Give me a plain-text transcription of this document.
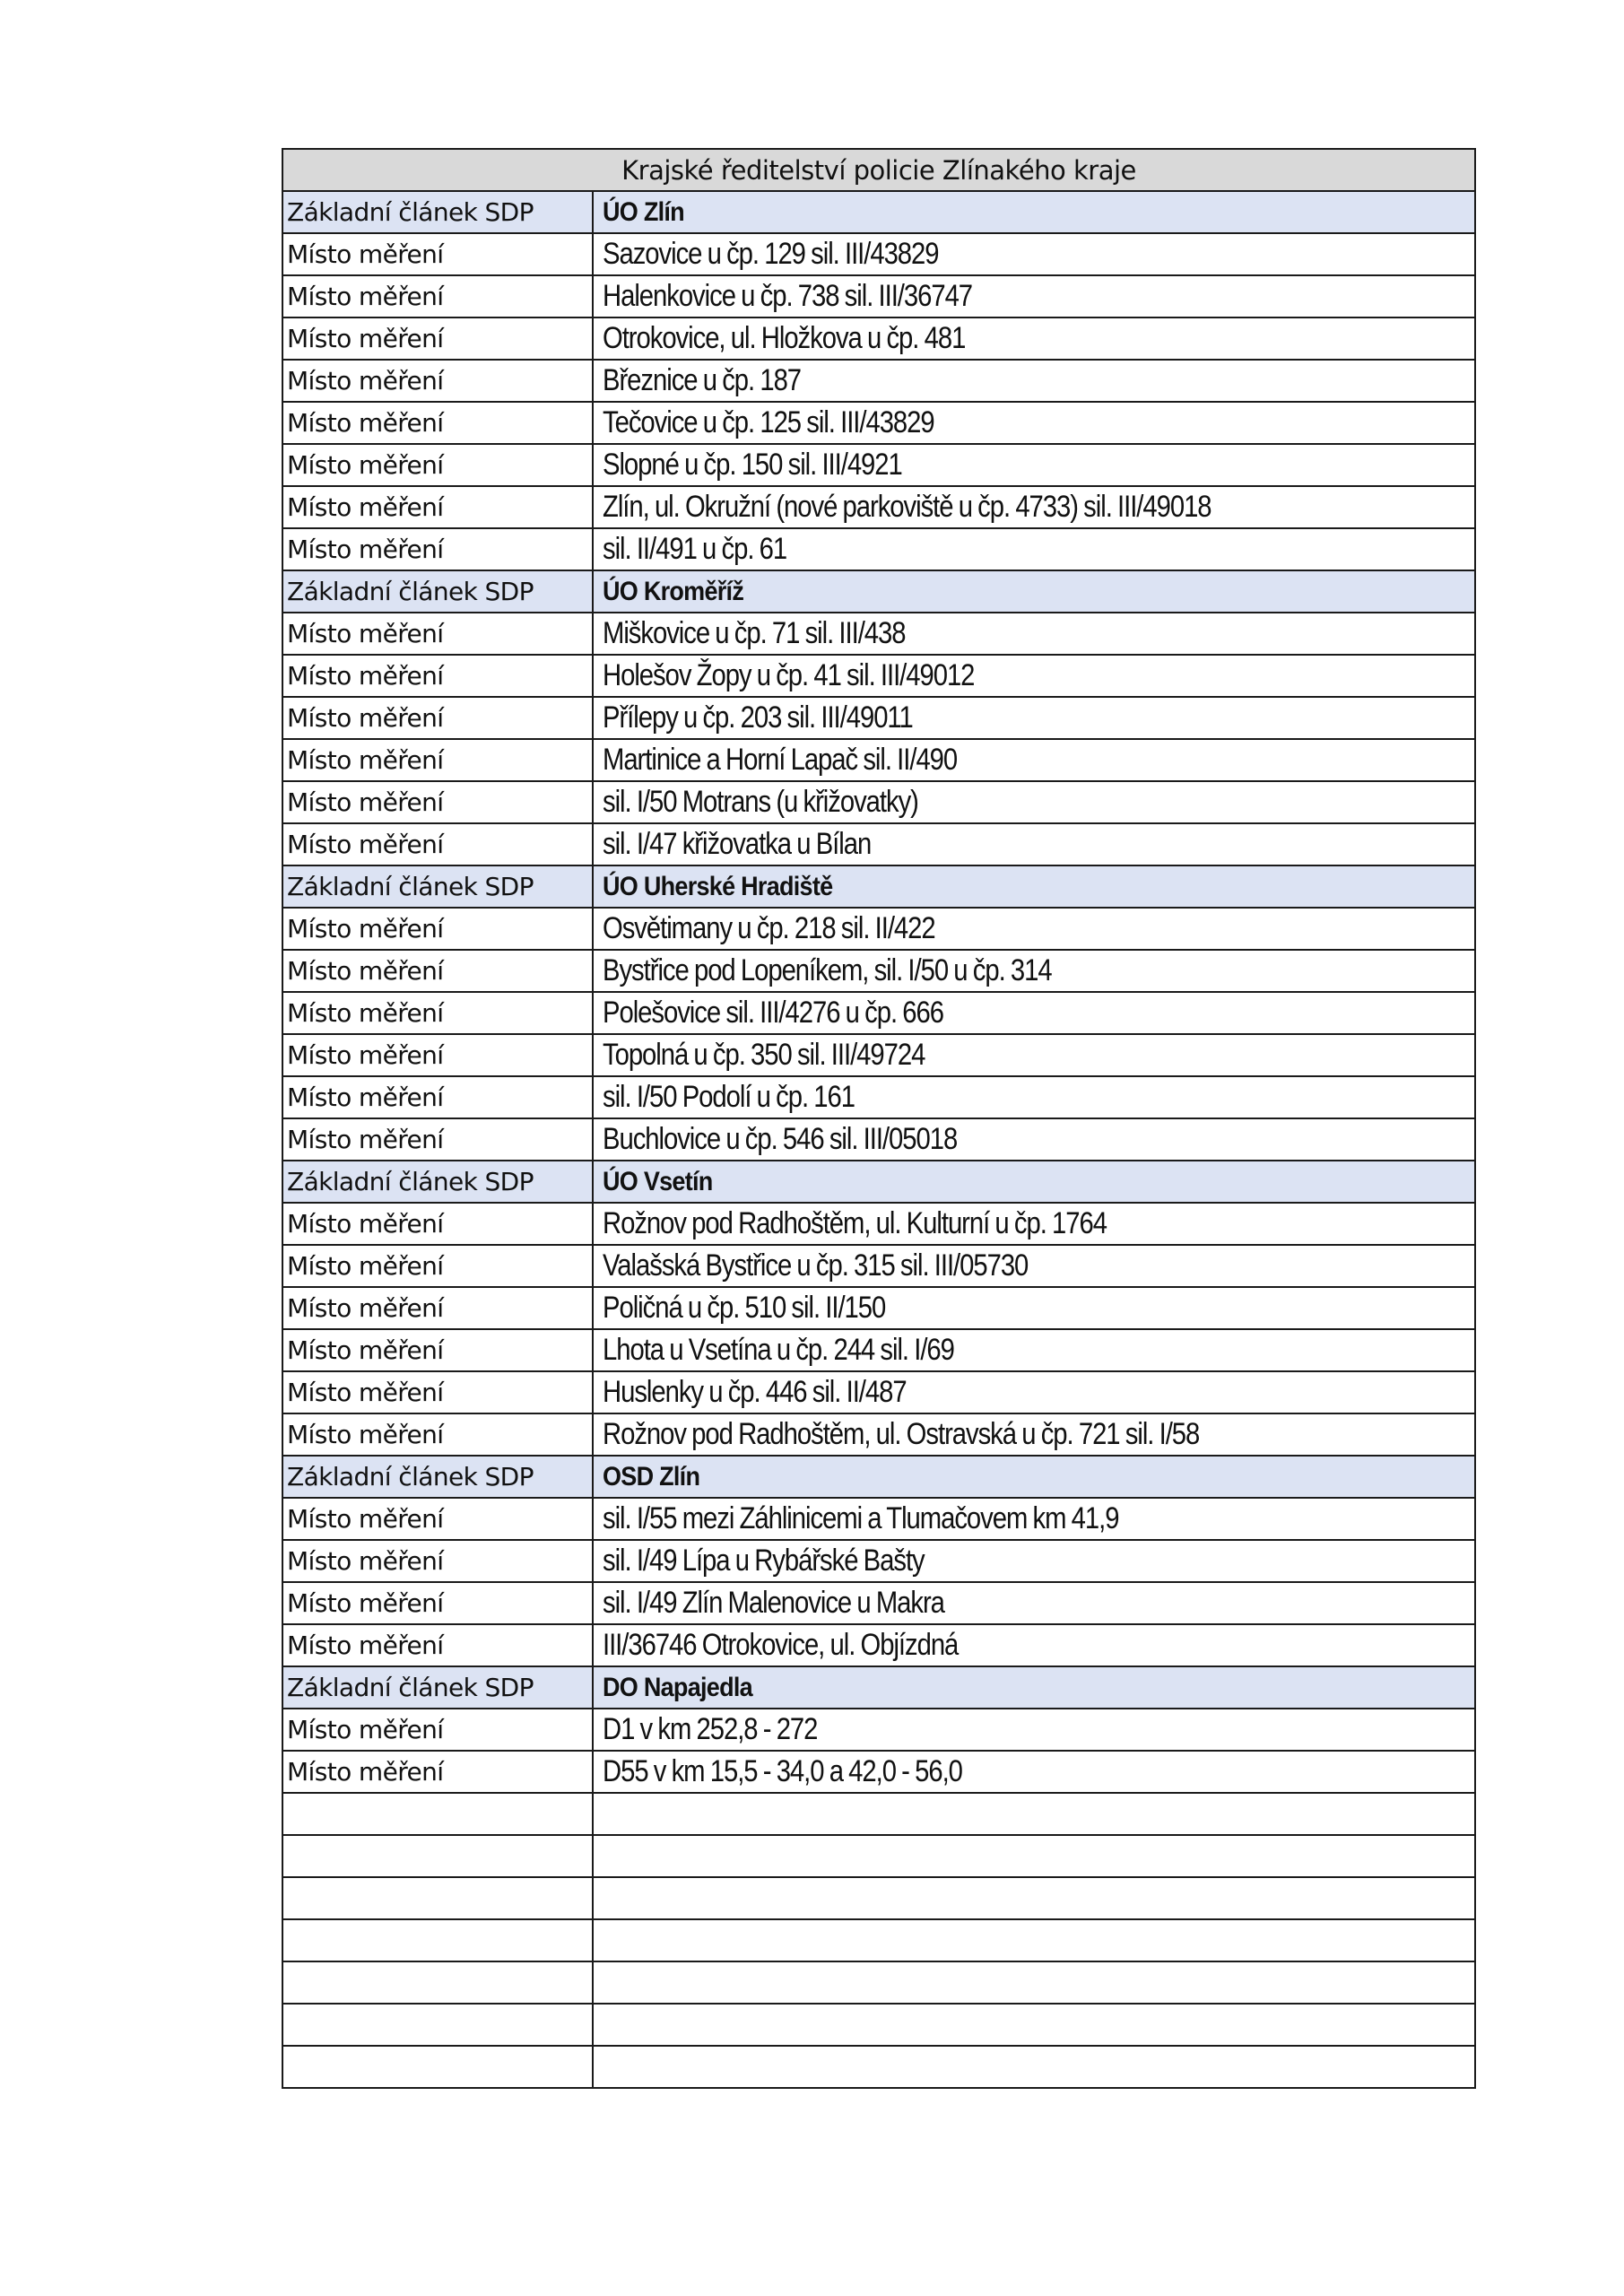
Krajské ředitelství policie Zlínakého kraje	
Základní článek SDP	ÚO Zlín
Místo měření	Sazovice u čp. 129 sil. III/43829
Místo měření	Halenkovice u čp. 738 sil. III/36747
Místo měření	Otrokovice, ul. Hložkova u čp. 481
Místo měření	Březnice u čp. 187
Místo měření	Tečovice u čp. 125 sil. III/43829
Místo měření	Slopné u čp. 150 sil. III/4921
Místo měření	Zlín, ul. Okružní (nové parkoviště u čp. 4733) sil. III/49018
Místo měření	sil. II/491 u čp. 61
Základní článek SDP	ÚO Kroměříž
Místo měření	Miškovice u čp. 71 sil. III/438
Místo měření	Holešov Žopy u čp. 41 sil. III/49012
Místo měření	Přílepy u čp. 203 sil. III/49011
Místo měření	Martinice a Horní Lapač sil. II/490
Místo měření	sil. I/50 Motrans (u křižovatky)
Místo měření	sil. I/47 křižovatka u Bílan
Základní článek SDP	ÚO Uherské Hradiště
Místo měření	Osvětimany u čp. 218 sil. II/422
Místo měření	Bystřice pod Lopeníkem, sil. I/50 u čp. 314
Místo měření	Polešovice sil. III/4276 u čp. 666
Místo měření	Topolná u čp. 350 sil. III/49724
Místo měření	sil. I/50 Podolí u čp. 161
Místo měření	Buchlovice u čp. 546 sil. III/05018
Základní článek SDP	ÚO Vsetín
Místo měření	Rožnov pod Radhoštěm, ul. Kulturní u čp. 1764
Místo měření	Valašská Bystřice u čp. 315 sil. III/05730
Místo měření	Poličná u čp. 510 sil. II/150
Místo měření	Lhota u Vsetína u čp. 244 sil. I/69
Místo měření	Huslenky u čp. 446 sil. II/487
Místo měření	Rožnov pod Radhoštěm, ul. Ostravská u čp. 721 sil. I/58
Základní článek SDP	OSD Zlín
Místo měření	sil. I/55 mezi Záhlinicemi a Tlumačovem km 41,9
Místo měření	sil. I/49 Lípa u Rybářské Bašty
Místo měření	sil. I/49 Zlín Malenovice u Makra
Místo měření	III/36746 Otrokovice, ul. Objízdná
Základní článek SDP	DO Napajedla
Místo měření	D1 v km 252,8 - 272
Místo měření	D55 v km 15,5 - 34,0 a 42,0 - 56,0
